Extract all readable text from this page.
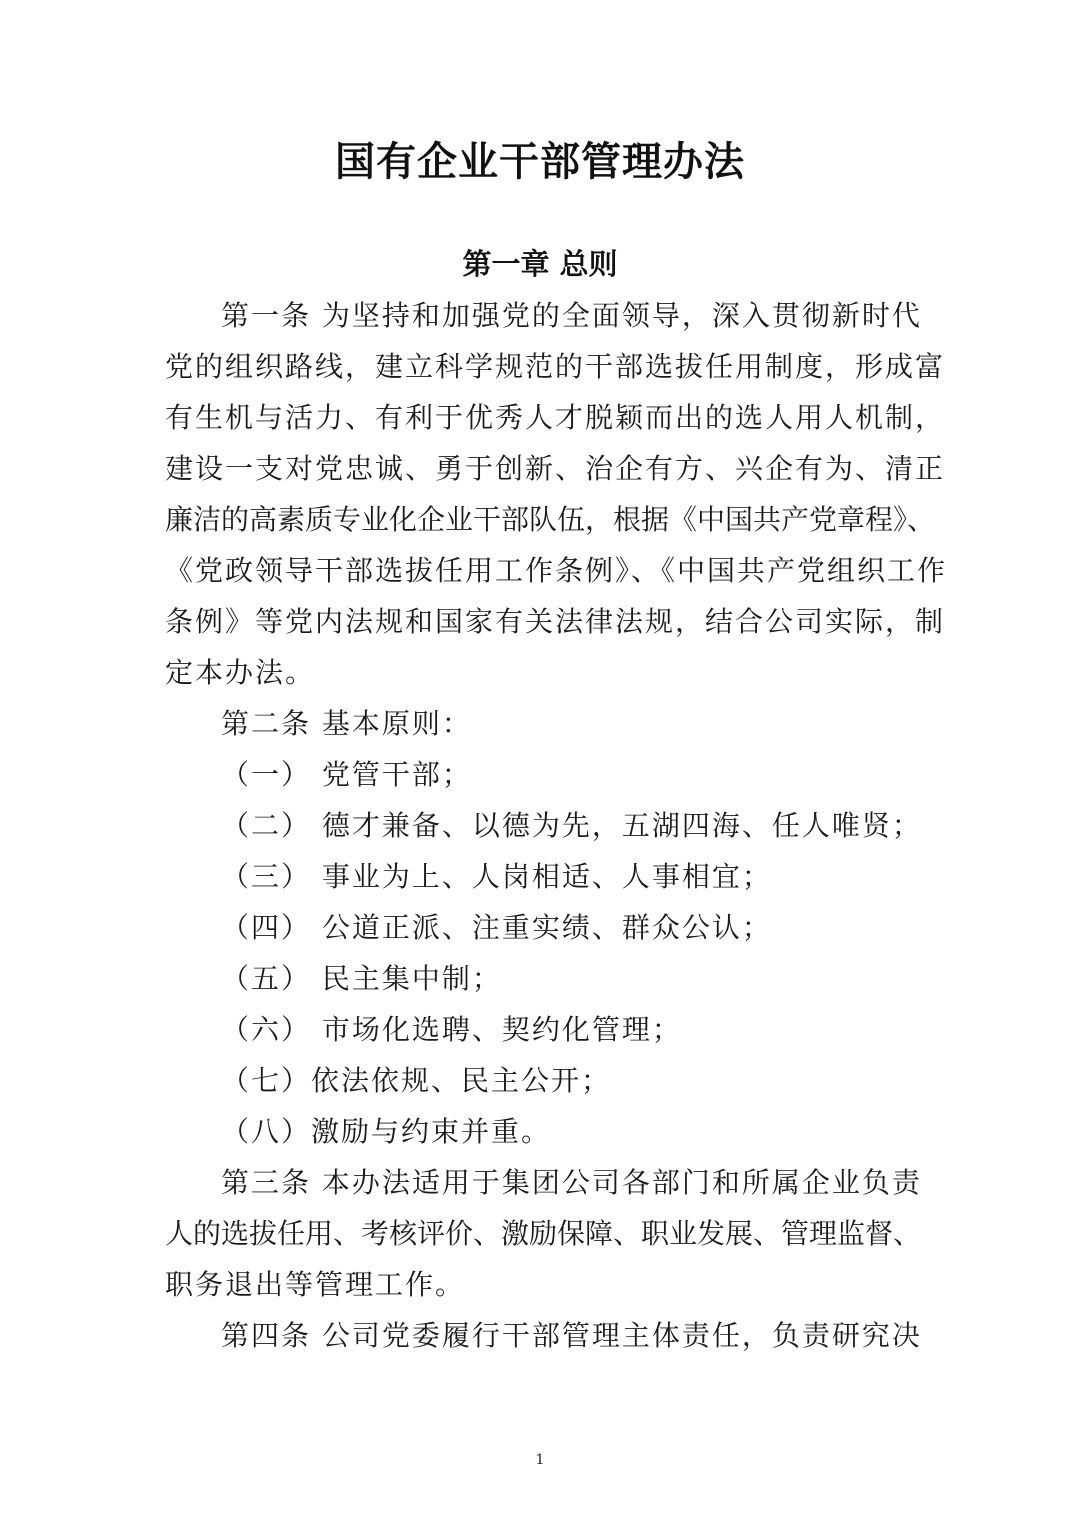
国有企业干部管理办法
第一章 总则
第一条 为坚持和加强党的全面领导，深入贯彻新时代
党的组织路线，建立科学规范的干部选拔任用制度，形成富
有生机与活力、有利于优秀人才脱颖而出的选人用人机制，
建设一支对党忠诚、勇于创新、治企有方、兴企有为、清正
廉洁的高素质专业化企业干部队伍，根据《中国共产党章程》、
《党政领导干部选拔任用工作条例》、《中国共产党组织工作
条例》等党内法规和国家有关法律法规，结合公司实际，制
定本办法。
第二条 基本原则：
（一） 党管干部；
（二） 德才兼备、以德为先，五湖四海、任人唯贤；
（三） 事业为上、人岗相适、人事相宜；
（四） 公道正派、注重实绩、群众公认；
（五） 民主集中制；
（六） 市场化选聘、契约化管理；
（七）依法依规、民主公开；
（八）激励与约束并重。
第三条 本办法适用于集团公司各部门和所属企业负责
人的选拔任用、考核评价、激励保障、职业发展、管理监督、
职务退出等管理工作。
第四条 公司党委履行干部管理主体责任，负责研究决
1
